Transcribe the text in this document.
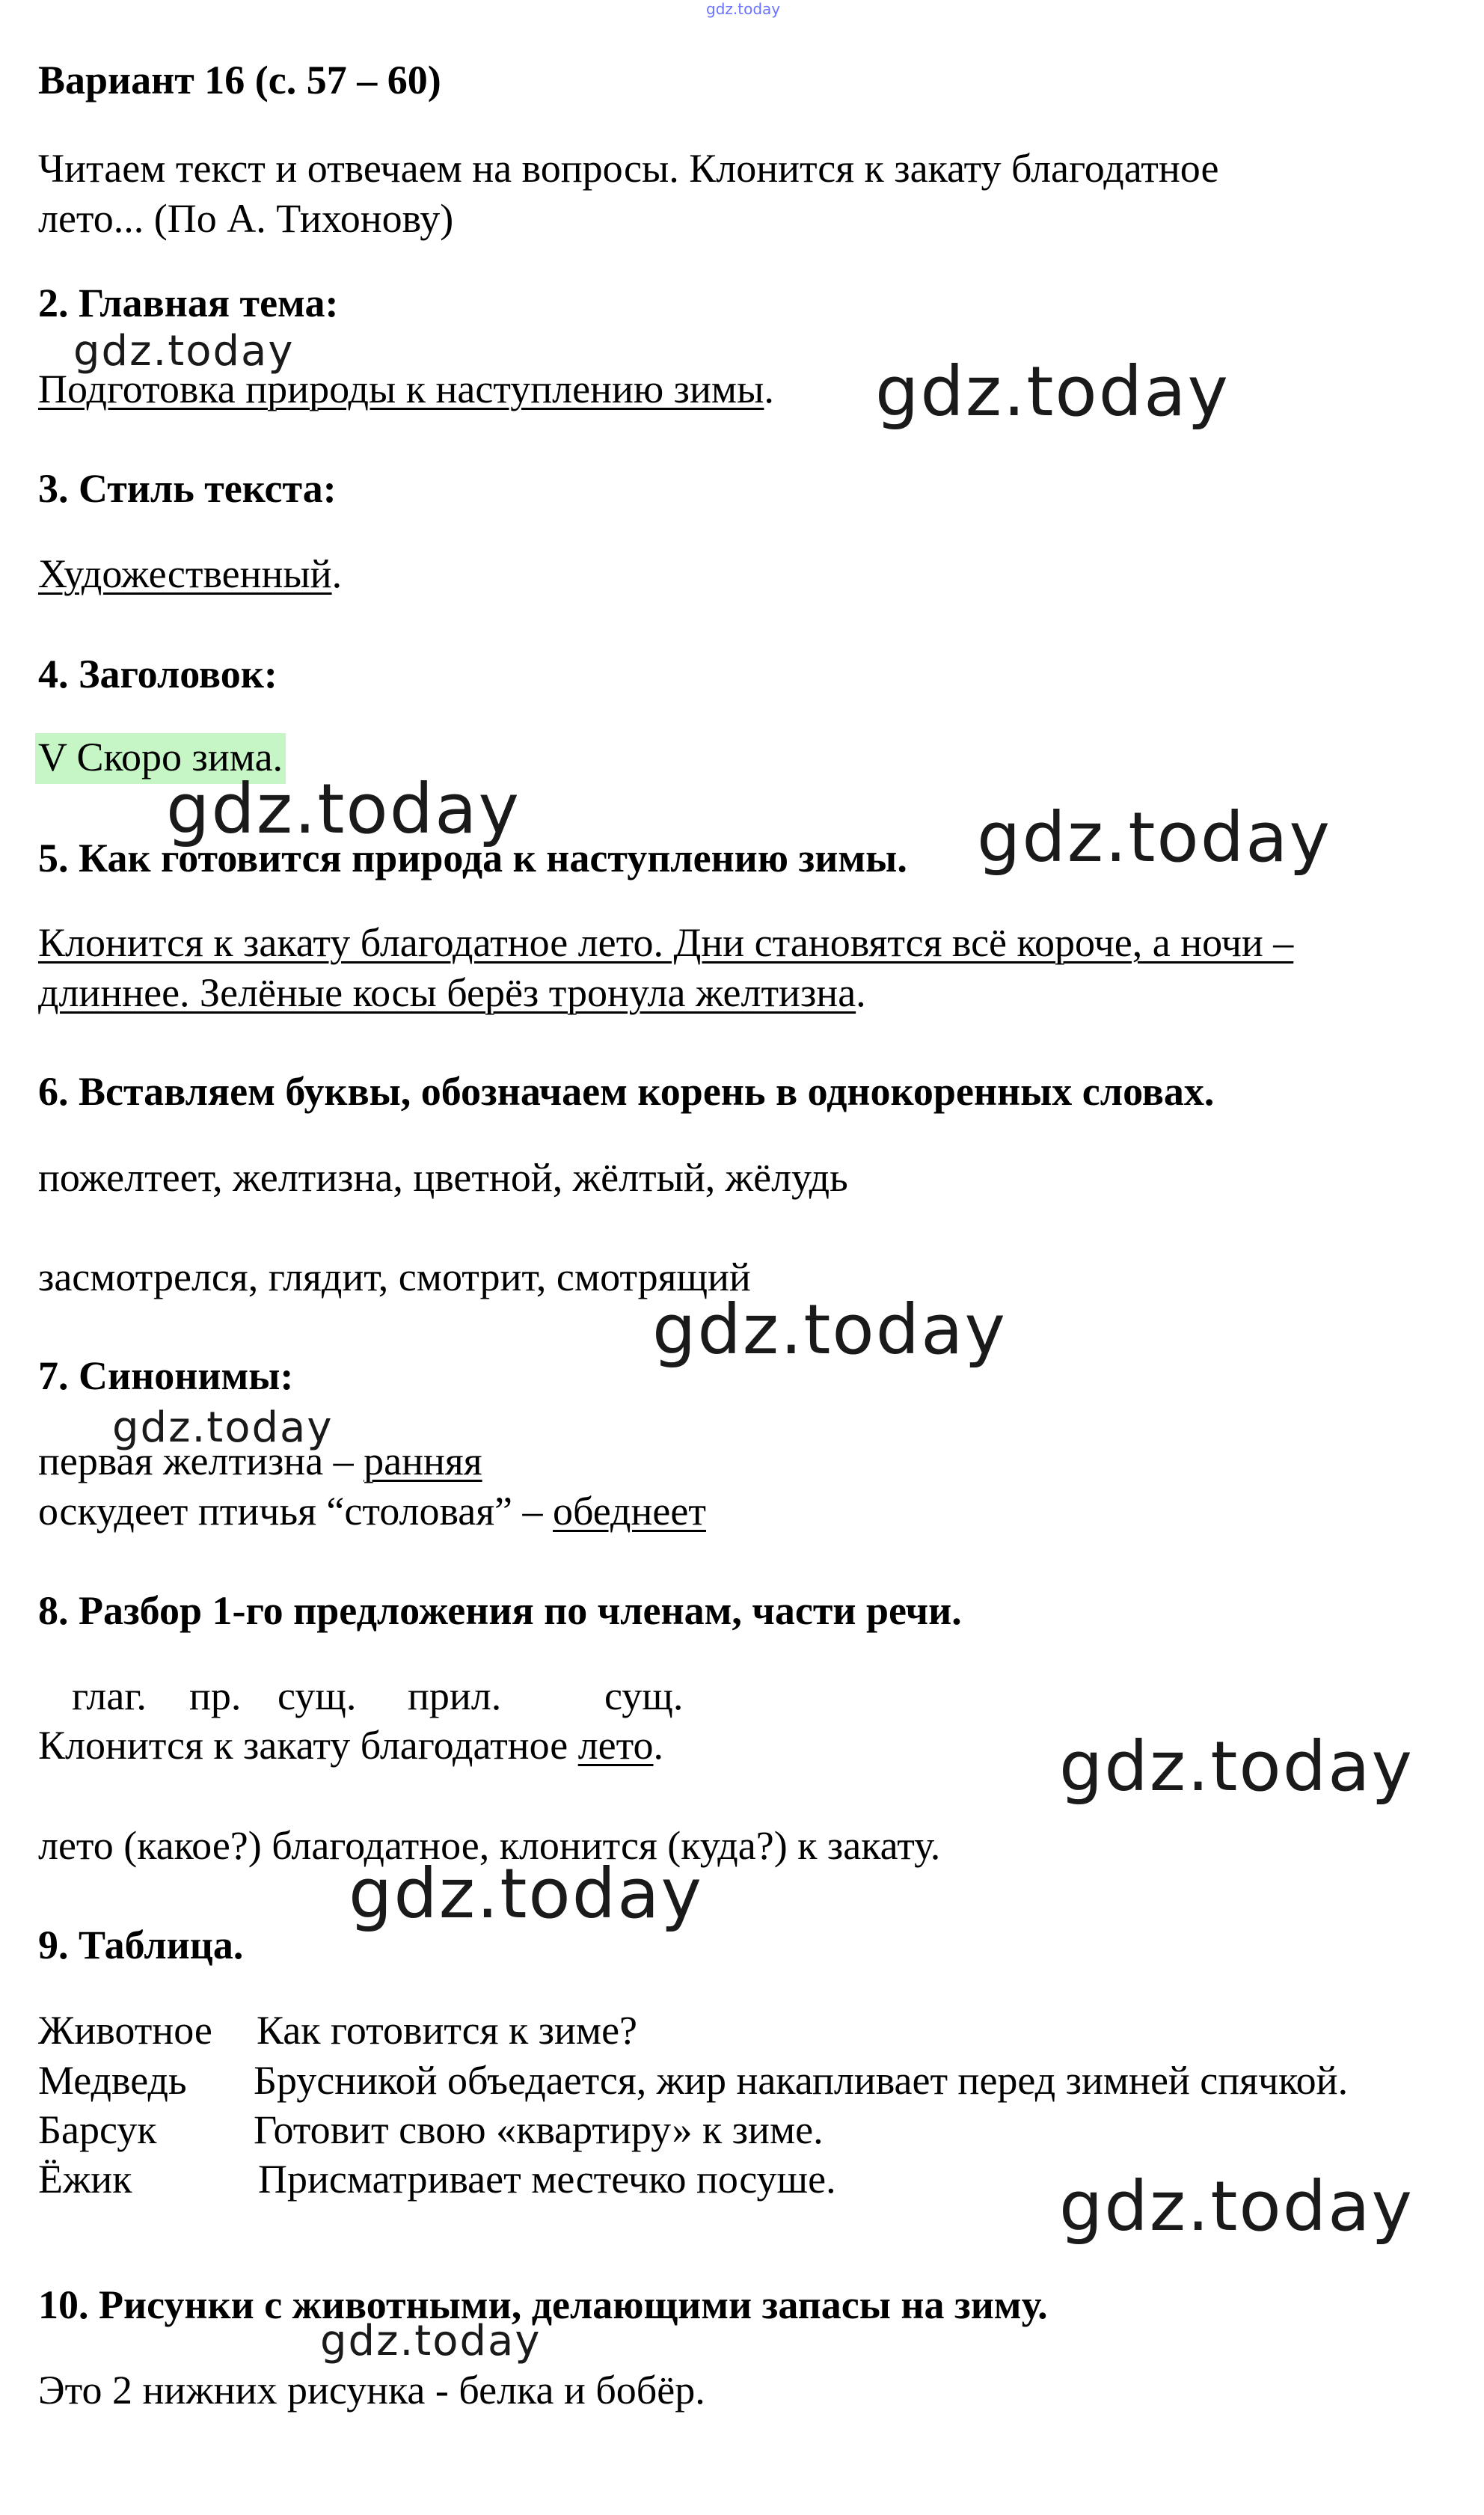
gdz.today
Вариант 16 (с. 57 – 60)
Читаем текст и отвечаем на вопросы. Клонится к закату благодатное
лето... (По А. Тихонову)
2. Главная тема:
Подготовка природы к наступлению зимы.
3. Стиль текста:
Художественный.
4. Заголовок:
V Скоро зима.
5. Как готовится природа к наступлению зимы.
Клонится к закату благодатное лето. Дни становятся всё короче, а ночи –
длиннее. Зелёные косы берёз тронула желтизна.
6. Вставляем буквы, обозначаем корень в однокоренных словах.
пожелтеет, желтизна, цветной, жёлтый, жёлудь
засмотрелся, глядит, смотрит, смотрящий
7. Синонимы:
первая желтизна – ранняя
оскудеет птичья “столовая” – обеднеет
8. Разбор 1-го предложения по членам, части речи.
глаг. пр. сущ. прил.	сущ.
Клонится к закату благодатное лето.
лето (какое?) благодатное, клонится (куда?) к закату.
9. Таблица.
Животное Как готовится к зиме?
Медведь Брусникой объедается, жир накапливает перед зимней спячкой.
Барсук Готовит свою «квартиру» к зиме.
Ёжик	Присматривает местечко посуше.
10. Рисунки с животными, делающими запасы на зиму.
Это 2 нижних рисунка - белка и бобёр.
gdz.today
gdz.today
gdz.today	gdz.today
gdz.today
gdz.today
gdz.today
gdz.today
gdz.today
gdz.today
